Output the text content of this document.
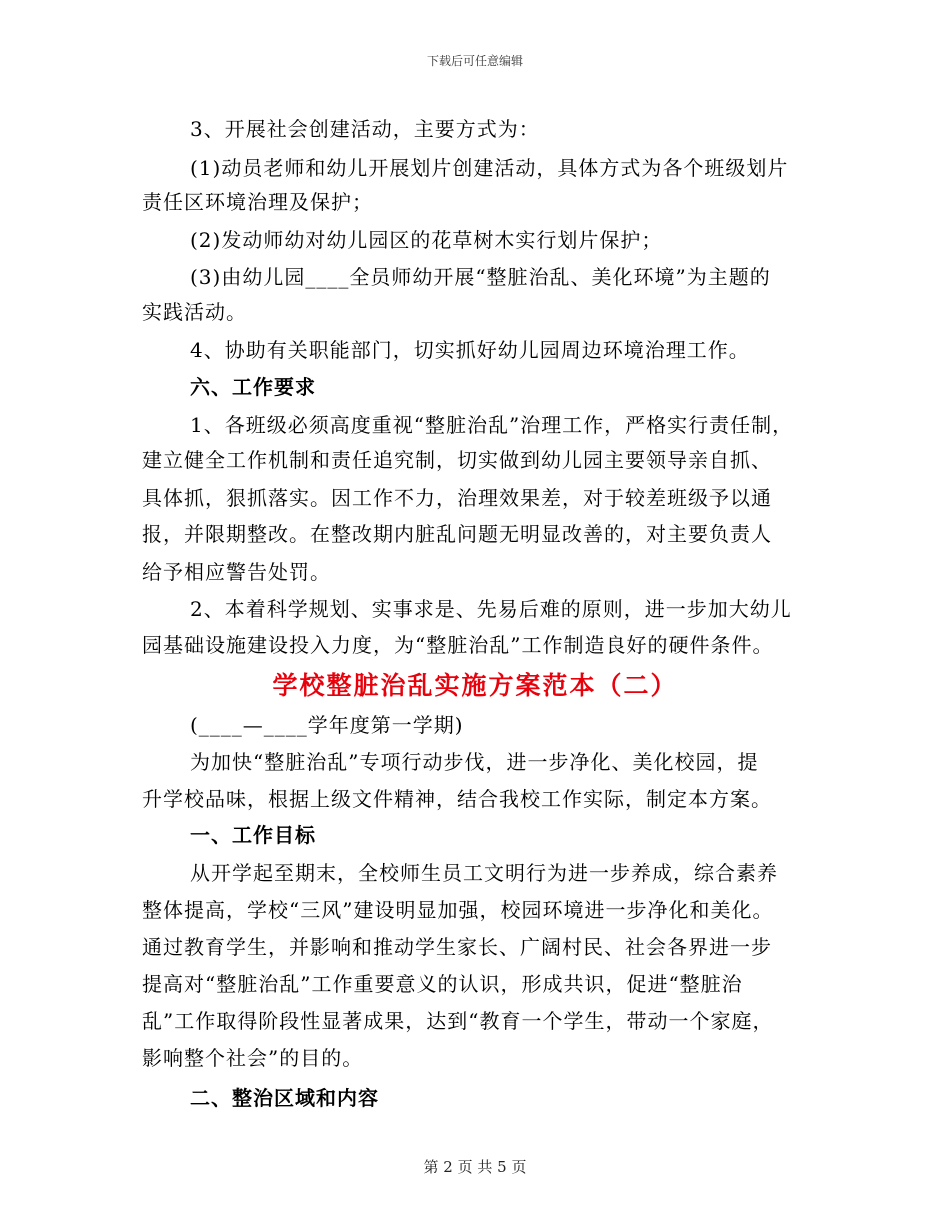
下载后可任意编辑
3、开展社会创建活动，主要方式为：
(1)动员老师和幼儿开展划片创建活动，具体方式为各个班级划片
责任区环境治理及保护；
(2)发动师幼对幼儿园区的花草树木实行划片保护；
(3)由幼儿园____全员师幼开展“整脏治乱、美化环境”为主题的
实践活动。
4、协助有关职能部门，切实抓好幼儿园周边环境治理工作。
六、工作要求
1、各班级必须高度重视“整脏治乱”治理工作，严格实行责任制，
建立健全工作机制和责任追究制，切实做到幼儿园主要领导亲自抓、
具体抓，狠抓落实。因工作不力，治理效果差，对于较差班级予以通
报，并限期整改。在整改期内脏乱问题无明显改善的，对主要负责人
给予相应警告处罚。
2、本着科学规划、实事求是、先易后难的原则，进一步加大幼儿
园基础设施建设投入力度，为“整脏治乱”工作制造良好的硬件条件。
学校整脏治乱实施方案范本（二）
(____—____学年度第一学期)
为加快“整脏治乱”专项行动步伐，进一步净化、美化校园，提
升学校品味，根据上级文件精神，结合我校工作实际，制定本方案。
一、工作目标
从开学起至期末，全校师生员工文明行为进一步养成，综合素养
整体提高，学校“三风”建设明显加强，校园环境进一步净化和美化。
通过教育学生，并影响和推动学生家长、广阔村民、社会各界进一步
提高对“整脏治乱”工作重要意义的认识，形成共识，促进“整脏治
乱”工作取得阶段性显著成果，达到“教育一个学生，带动一个家庭，
影响整个社会”的目的。
二、整治区域和内容
第 2 页 共 5 页
